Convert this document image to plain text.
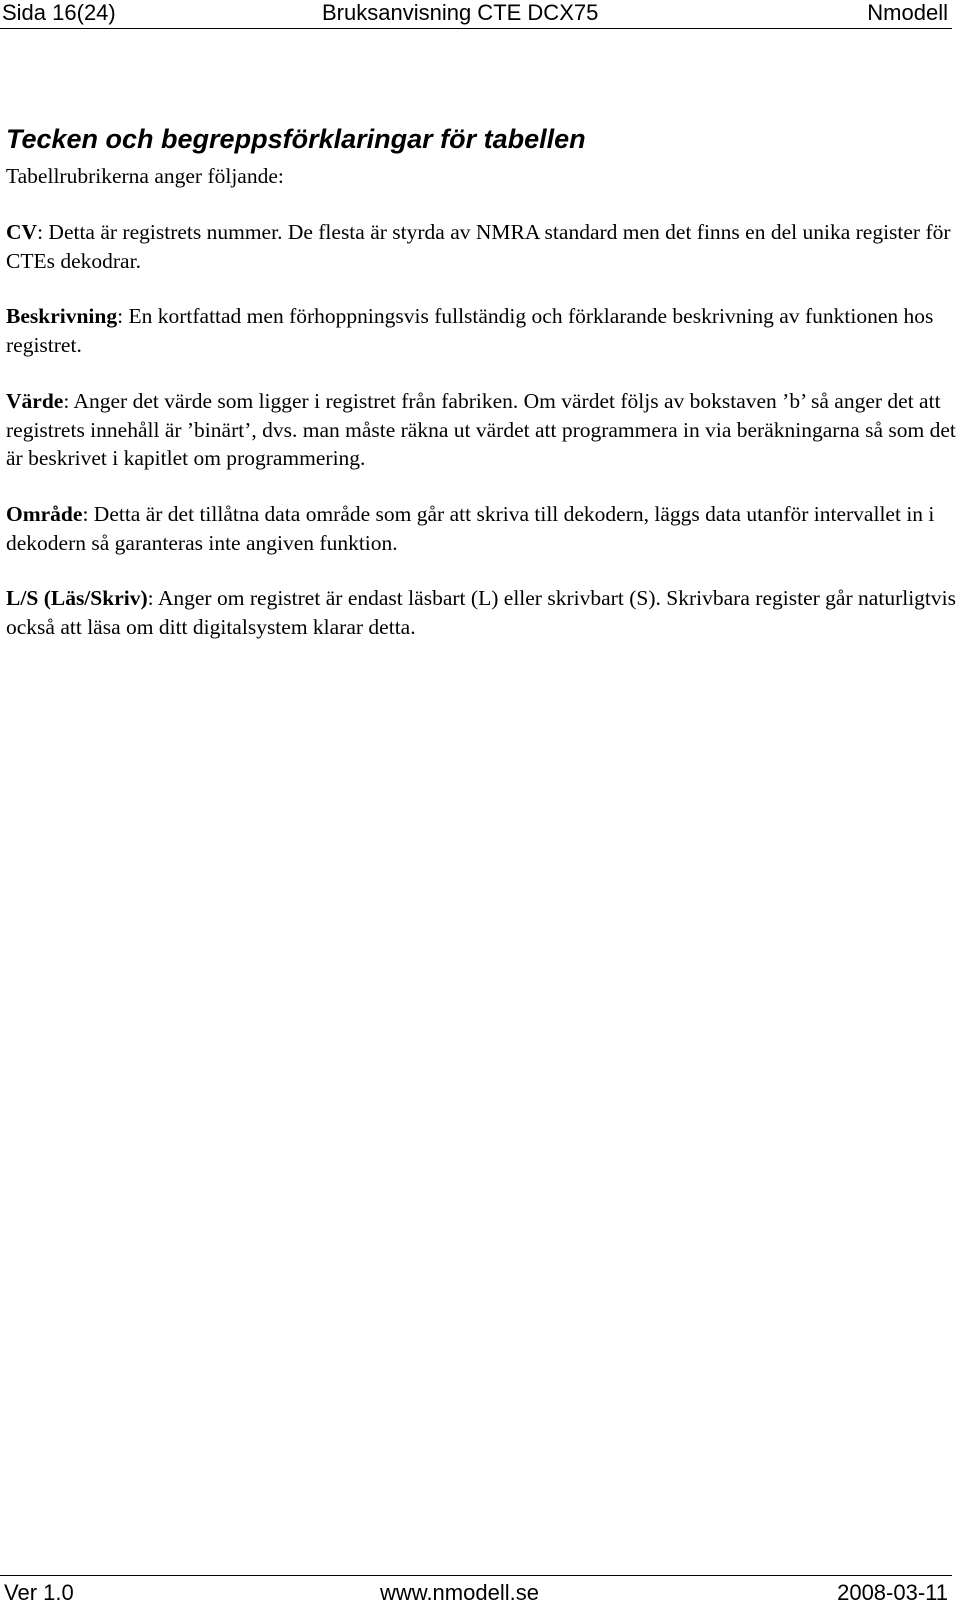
Sida 16(24)	Bruksanvisning CTE DCX75	Nmodell
Tecken och begreppsförklaringar för tabellen

Tabellrubrikerna anger följande:

CV: Detta är registrets nummer. De flesta är styrda av NMRA standard men det finns en del unika register för CTEs dekodrar.

Beskrivning: En kortfattad men förhoppningsvis fullständig och förklarande beskrivning av funktionen hos registret.

Värde: Anger det värde som ligger i registret från fabriken. Om värdet följs av bokstaven ’b’ så anger det att registrets innehåll är ’binärt’, dvs. man måste räkna ut värdet att programmera in via beräkningarna så som det är beskrivet i kapitlet om programmering.

Område: Detta är det tillåtna data område som går att skriva till dekodern, läggs data utanför intervallet in i dekodern så garanteras inte angiven funktion.

L/S (Läs/Skriv): Anger om registret är endast läsbart (L) eller skrivbart (S). Skrivbara register går naturligtvis också att läsa om ditt digitalsystem klarar detta.

Ver 1.0	www.nmodell.se	2008-03-11
